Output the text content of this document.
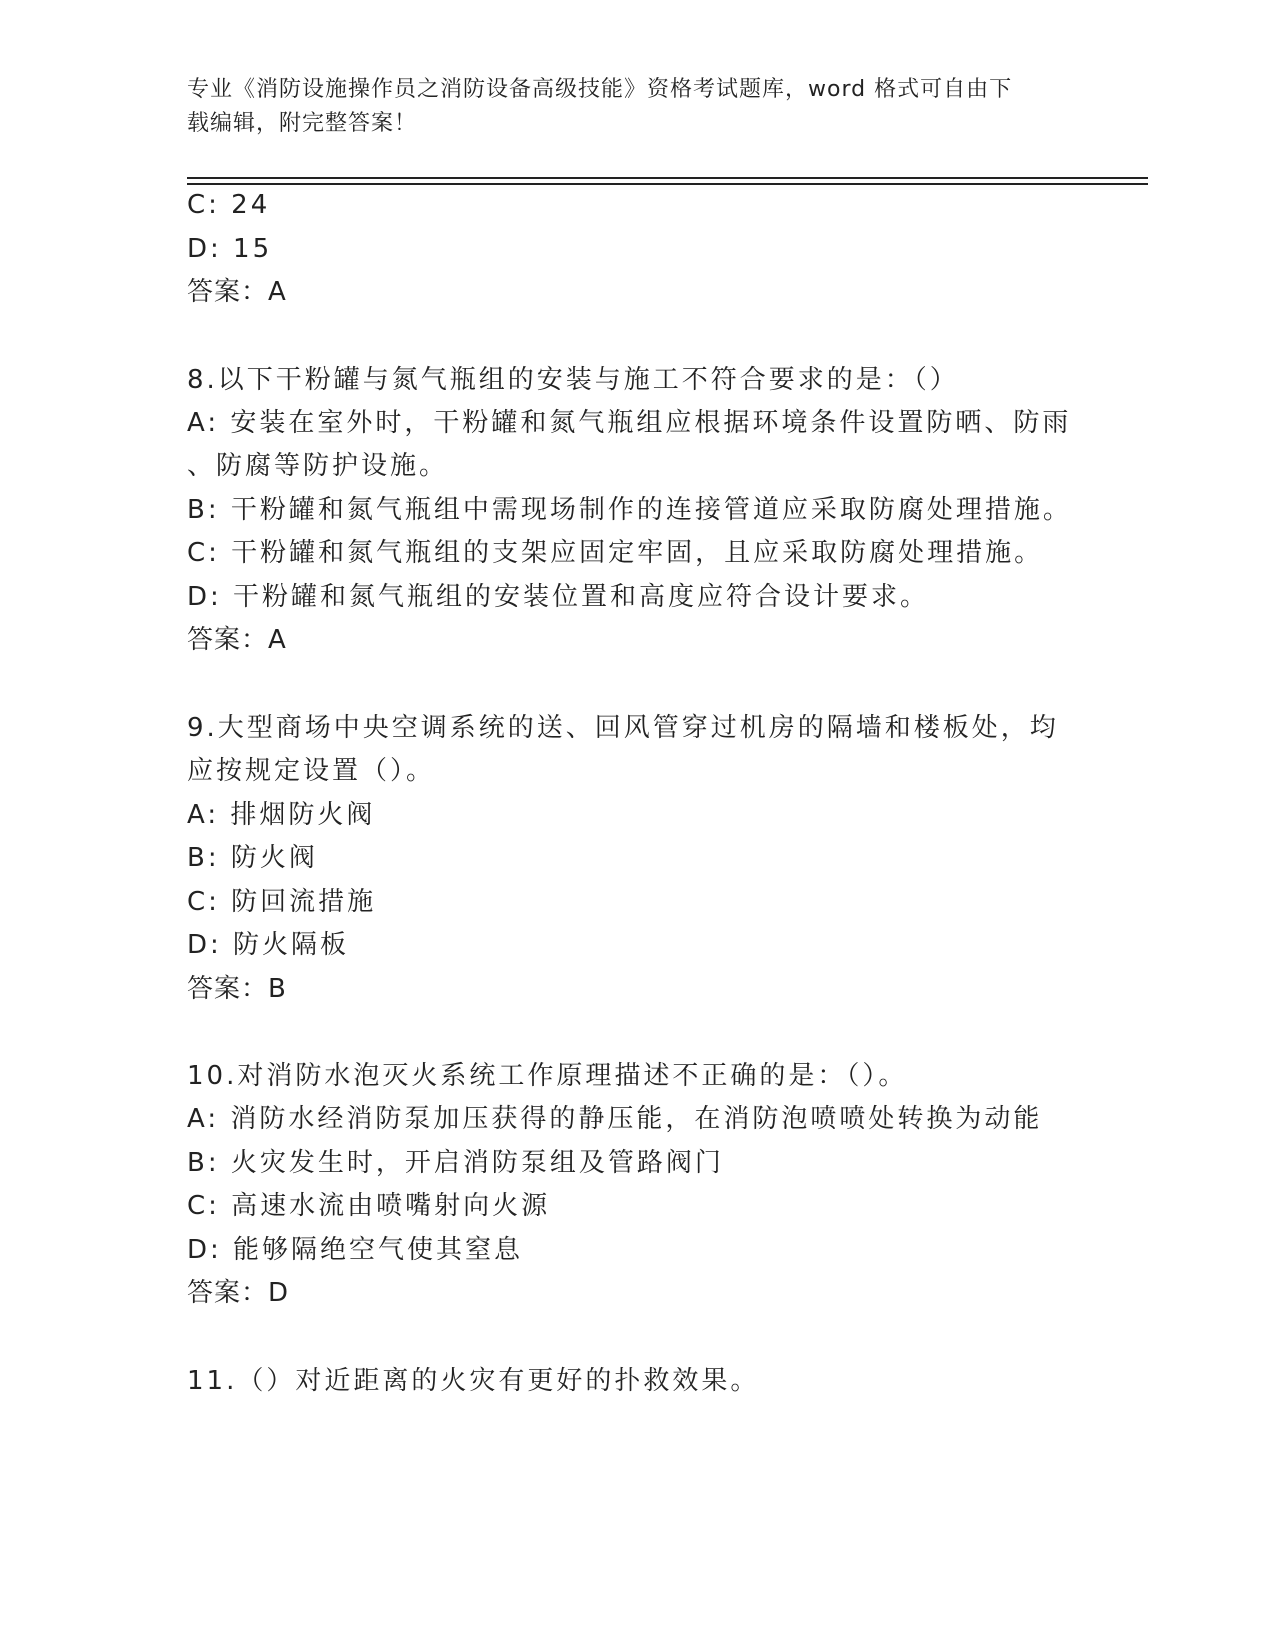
专业《消防设施操作员之消防设备高级技能》资格考试题库，word 格式可自由下
载编辑，附完整答案！
C: 24
D: 15
答案：A
8.以下干粉罐与氮气瓶组的安装与施工不符合要求的是：（）
A: 安装在室外时，干粉罐和氮气瓶组应根据环境条件设置防晒、防雨
、防腐等防护设施。
B: 干粉罐和氮气瓶组中需现场制作的连接管道应采取防腐处理措施。
C: 干粉罐和氮气瓶组的支架应固定牢固，且应采取防腐处理措施。
D: 干粉罐和氮气瓶组的安装位置和高度应符合设计要求。
答案：A
9.大型商场中央空调系统的送、回风管穿过机房的隔墙和楼板处，均
应按规定设置（）。
A: 排烟防火阀
B: 防火阀
C: 防回流措施
D: 防火隔板
答案：B
10.对消防水泡灭火系统工作原理描述不正确的是：（）。
A: 消防水经消防泵加压获得的静压能，在消防泡喷喷处转换为动能
B: 火灾发生时，开启消防泵组及管路阀门
C: 高速水流由喷嘴射向火源
D: 能够隔绝空气使其窒息
答案：D
11.（）对近距离的火灾有更好的扑救效果。
